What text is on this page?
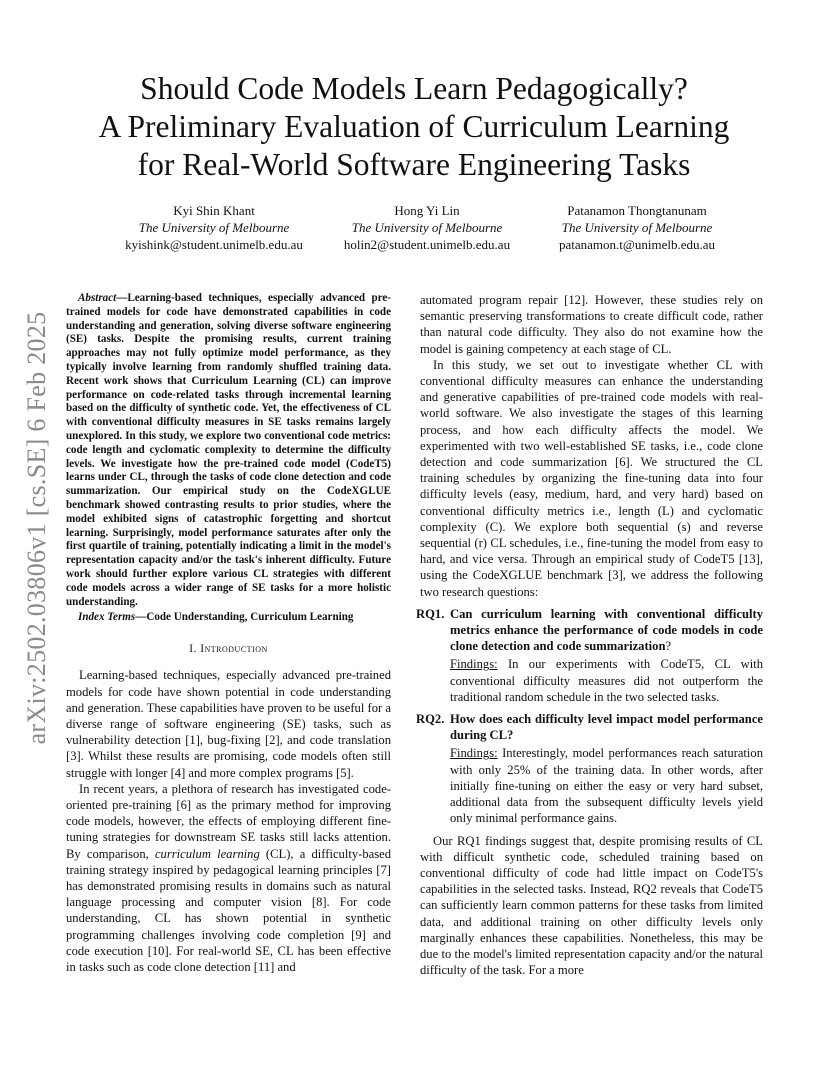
arXiv:2502.03806v1 [cs.SE] 6 Feb 2025
Should Code Models Learn Pedagogically?
A Preliminary Evaluation of Curriculum Learning
for Real-World Software Engineering Tasks
Kyi Shin Khant
The University of Melbourne
kyishink@student.unimelb.edu.au
Hong Yi Lin
The University of Melbourne
holin2@student.unimelb.edu.au
Patanamon Thongtanunam
The University of Melbourne
patanamon.t@unimelb.edu.au

Abstract—Learning-based techniques, especially advanced pre-trained models for code have demonstrated capabilities in code understanding and generation, solving diverse software engineering (SE) tasks. Despite the promising results, current training approaches may not fully optimize model performance, as they typically involve learning from randomly shuffled training data. Recent work shows that Curriculum Learning (CL) can improve performance on code-related tasks through incremental learning based on the difficulty of synthetic code. Yet, the effectiveness of CL with conventional difficulty measures in SE tasks remains largely unexplored. In this study, we explore two conventional code metrics: code length and cyclomatic complexity to determine the difficulty levels. We investigate how the pre-trained code model (CodeT5) learns under CL, through the tasks of code clone detection and code summarization. Our empirical study on the CodeXGLUE benchmark showed contrasting results to prior studies, where the model exhibited signs of catastrophic forgetting and shortcut learning. Surprisingly, model performance saturates after only the first quartile of training, potentially indicating a limit in the model's representation capacity and/or the task's inherent difficulty. Future work should further explore various CL strategies with different code models across a wider range of SE tasks for a more holistic understanding.

Index Terms—Code Understanding, Curriculum Learning

I. Introduction

Learning-based techniques, especially advanced pre-trained models for code have shown potential in code understanding and generation. These capabilities have proven to be useful for a diverse range of software engineering (SE) tasks, such as vulnerability detection [1], bug-fixing [2], and code translation [3]. Whilst these results are promising, code models often still struggle with longer [4] and more complex programs [5].

In recent years, a plethora of research has investigated code-oriented pre-training [6] as the primary method for improving code models, however, the effects of employing different fine-tuning strategies for downstream SE tasks still lacks attention. By comparison, curriculum learning (CL), a difficulty-based training strategy inspired by pedagogical learning principles [7] has demonstrated promising results in domains such as natural language processing and computer vision [8]. For code understanding, CL has shown potential in synthetic programming challenges involving code completion [9] and code execution [10]. For real-world SE, CL has been effective in tasks such as code clone detection [11] and

automated program repair [12]. However, these studies rely on semantic preserving transformations to create difficult code, rather than natural code difficulty. They also do not examine how the model is gaining competency at each stage of CL.

In this study, we set out to investigate whether CL with conventional difficulty measures can enhance the understanding and generative capabilities of pre-trained code models with real-world software. We also investigate the stages of this learning process, and how each difficulty affects the model. We experimented with two well-established SE tasks, i.e., code clone detection and code summarization [6]. We structured the CL training schedules by organizing the fine-tuning data into four difficulty levels (easy, medium, hard, and very hard) based on conventional difficulty metrics i.e., length (L) and cyclomatic complexity (C). We explore both sequential (s) and reverse sequential (r) CL schedules, i.e., fine-tuning the model from easy to hard, and vice versa. Through an empirical study of CodeT5 [13], using the CodeXGLUE benchmark [3], we address the following two research questions:

RQ1. Can curriculum learning with conventional difficulty metrics enhance the performance of code models in code clone detection and code summarization?
Findings: In our experiments with CodeT5, CL with conventional difficulty measures did not outperform the traditional random schedule in the two selected tasks.
RQ2. How does each difficulty level impact model performance during CL?
Findings: Interestingly, model performances reach saturation with only 25% of the training data. In other words, after initially fine-tuning on either the easy or very hard subset, additional data from the subsequent difficulty levels yield only minimal performance gains.

Our RQ1 findings suggest that, despite promising results of CL with difficult synthetic code, scheduled training based on conventional difficulty of code had little impact on CodeT5's capabilities in the selected tasks. Instead, RQ2 reveals that CodeT5 can sufficiently learn common patterns for these tasks from limited data, and additional training on other difficulty levels only marginally enhances these capabilities. Nonetheless, this may be due to the model's limited representation capacity and/or the natural difficulty of the task. For a more
